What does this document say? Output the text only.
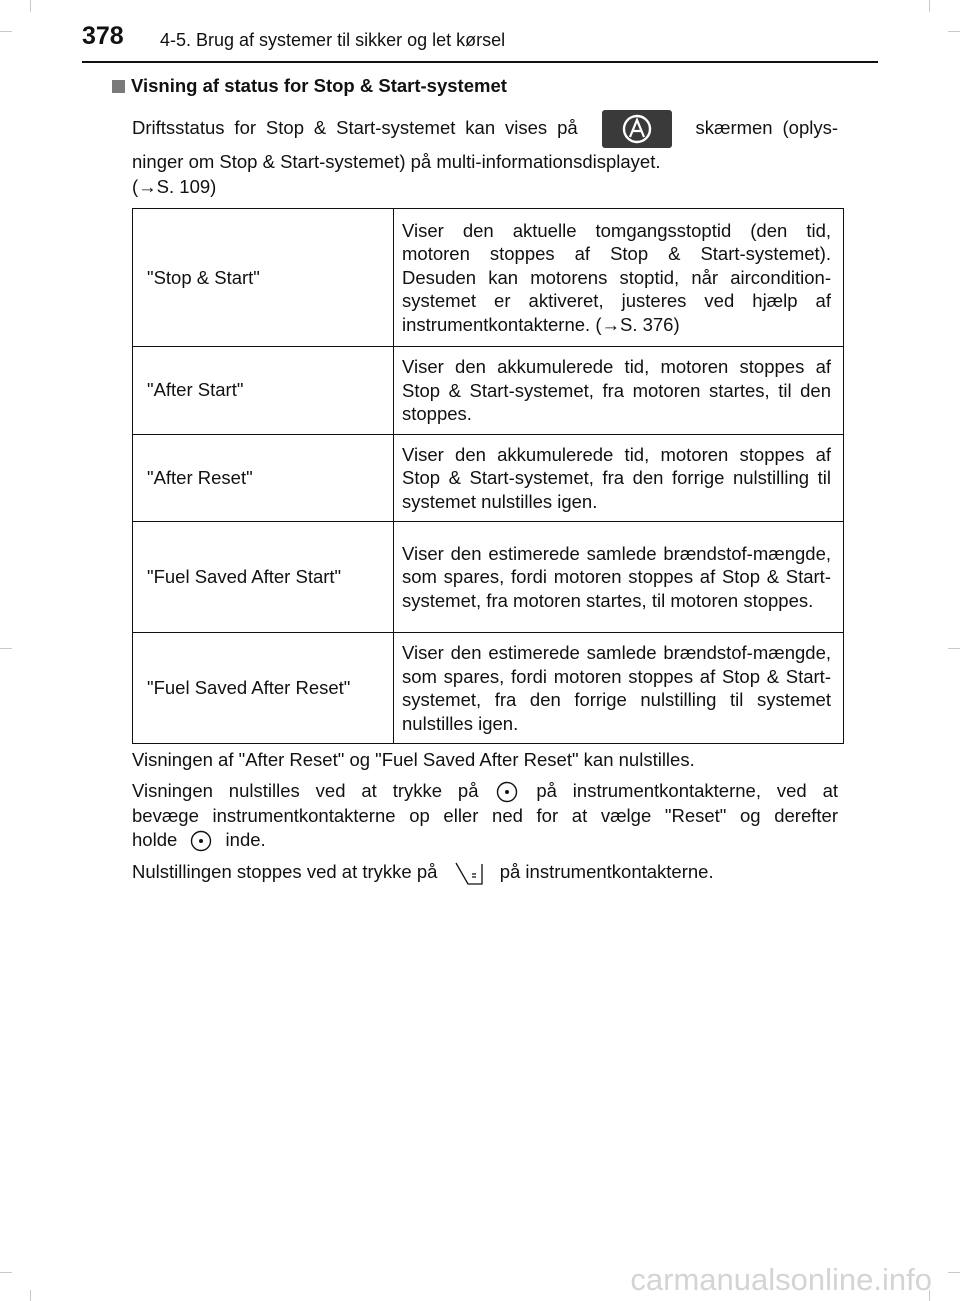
378 4-5. Brug af systemer til sikker og let kørsel
Visning af status for Stop & Start-systemet
Driftsstatus for Stop & Start-systemet kan vises på	skærmen (oplys-
ninger om Stop & Start-systemet) på multi-informationsdisplayet.
(→S. 109)
"Stop & Start"	Viser den aktuelle tomgangsstoptid (den tid, motoren stoppes af Stop & Start-systemet). Desuden kan motorens stoptid, når aircondition-systemet er aktiveret, justeres ved hjælp af instrumentkontakterne. (→S. 376)
"After Start"	Viser den akkumulerede tid, motoren stoppes af Stop & Start-systemet, fra motoren startes, til den stoppes.
"After Reset"	Viser den akkumulerede tid, motoren stoppes af Stop & Start-systemet, fra den forrige nulstilling til systemet nulstilles igen.
"Fuel Saved After Start"	Viser den estimerede samlede brændstof-mængde, som spares, fordi motoren stoppes af Stop & Start-systemet, fra motoren startes, til motoren stoppes.
"Fuel Saved After Reset"	Viser den estimerede samlede brændstof-mængde, som spares, fordi motoren stoppes af Stop & Start-systemet, fra den forrige nulstilling til systemet nulstilles igen.
Visningen af "After Reset" og "Fuel Saved After Reset" kan nulstilles.
Visningen nulstilles ved at trykke på	på instrumentkontakterne, ved at
bevæge instrumentkontakterne op eller ned for at vælge "Reset" og derefter
holde	inde.
Nulstillingen stoppes ved at trykke på	på instrumentkontakterne.
carmanualsonline.info
